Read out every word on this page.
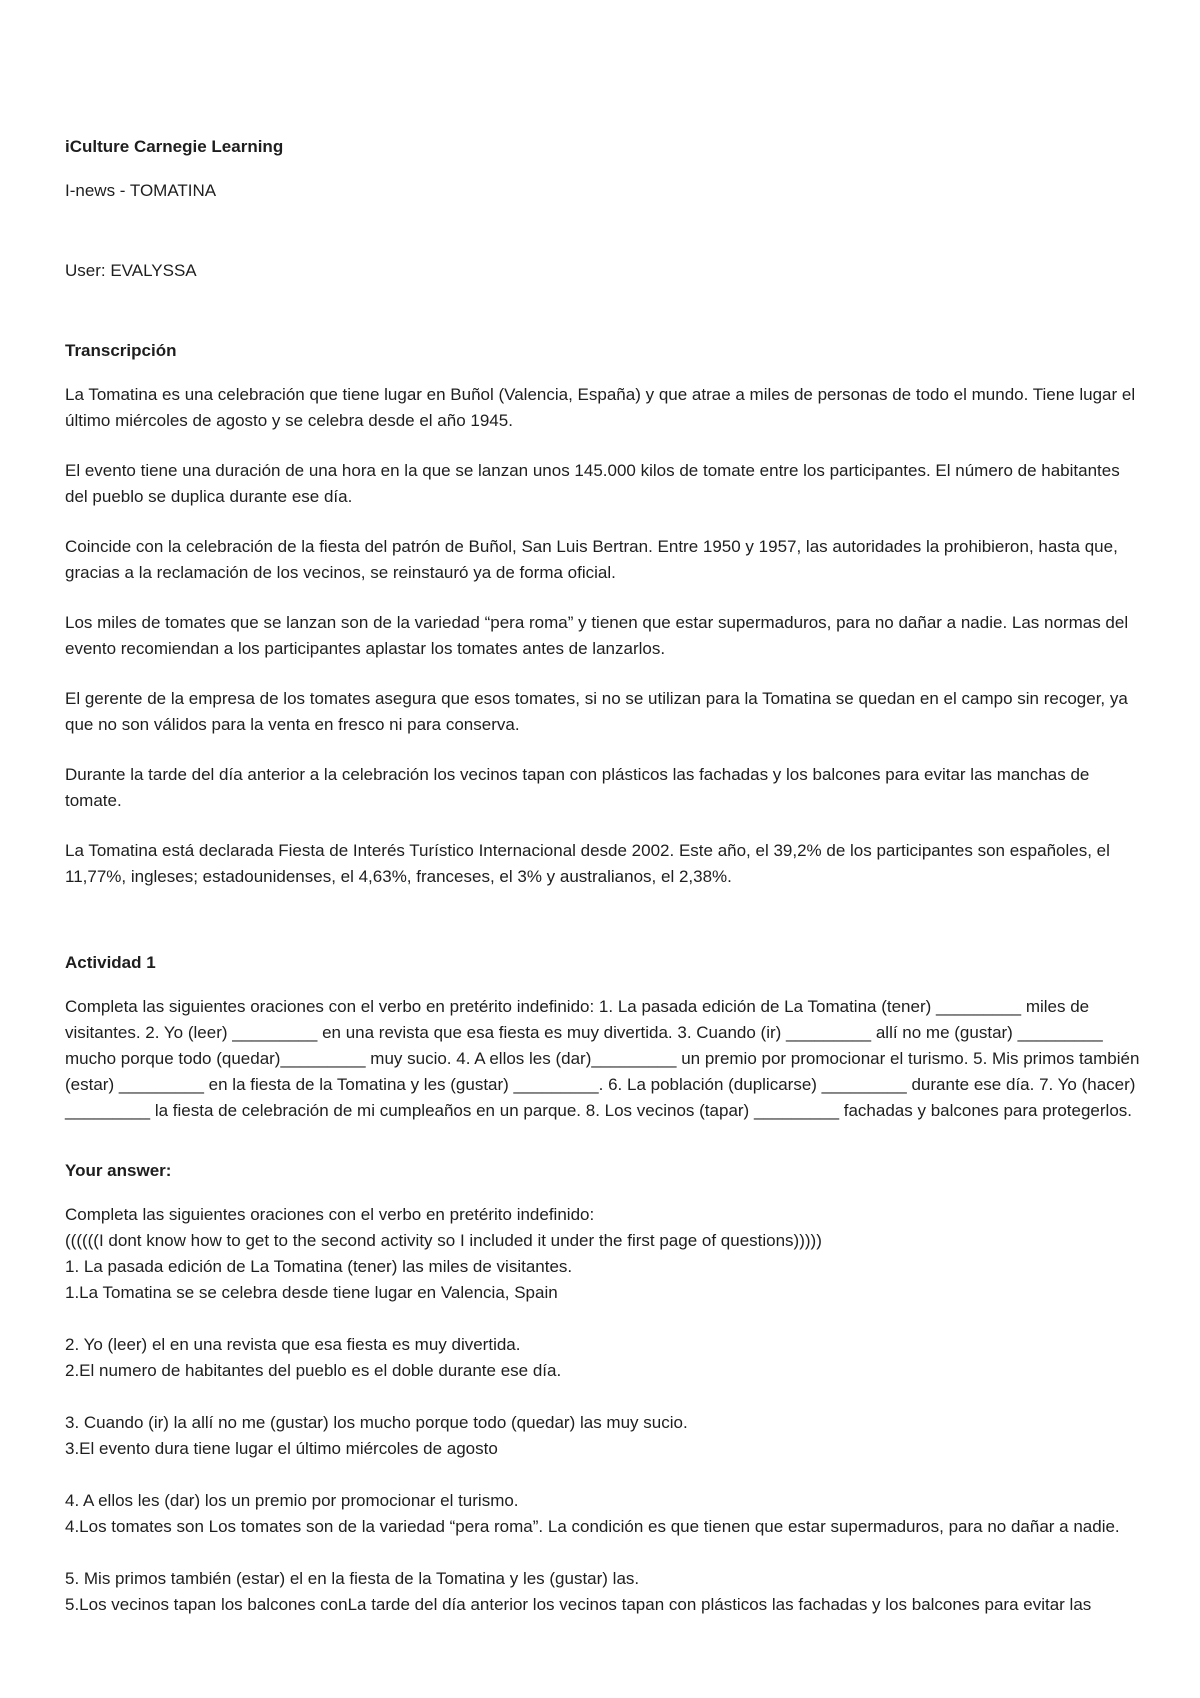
iCulture Carnegie Learning

I-news - TOMATINA

User: EVALYSSA

Transcripción

La Tomatina es una celebración que tiene lugar en Buñol (Valencia, España) y que atrae a miles de personas de todo el mundo. Tiene lugar el último miércoles de agosto y se celebra desde el año 1945.

El evento tiene una duración de una hora en la que se lanzan unos 145.000 kilos de tomate entre los participantes. El número de habitantes del pueblo se duplica durante ese día.

Coincide con la celebración de la fiesta del patrón de Buñol, San Luis Bertran. Entre 1950 y 1957, las autoridades la prohibieron, hasta que, gracias a la reclamación de los vecinos, se reinstauró ya de forma oficial.

Los miles de tomates que se lanzan son de la variedad “pera roma” y tienen que estar supermaduros, para no dañar a nadie. Las normas del evento recomiendan a los participantes aplastar los tomates antes de lanzarlos.

El gerente de la empresa de los tomates asegura que esos tomates, si no se utilizan para la Tomatina se quedan en el campo sin recoger, ya que no son válidos para la venta en fresco ni para conserva.

Durante la tarde del día anterior a la celebración los vecinos tapan con plásticos las fachadas y los balcones para evitar las manchas de tomate.

La Tomatina está declarada Fiesta de Interés Turístico Internacional desde 2002. Este año, el 39,2% de los participantes son españoles, el 11,77%, ingleses; estadounidenses, el 4,63%, franceses, el 3% y australianos, el 2,38%.

Actividad 1

Completa las siguientes oraciones con el verbo en pretérito indefinido: 1. La pasada edición de La Tomatina (tener) _________ miles de visitantes. 2. Yo (leer) _________ en una revista que esa fiesta es muy divertida. 3. Cuando (ir) _________ allí no me (gustar) _________ mucho porque todo (quedar)_________ muy sucio. 4. A ellos les (dar)_________ un premio por promocionar el turismo. 5. Mis primos también (estar) _________ en la fiesta de la Tomatina y les (gustar) _________. 6. La población (duplicarse) _________ durante ese día. 7. Yo (hacer) _________ la fiesta de celebración de mi cumpleaños en un parque. 8. Los vecinos (tapar) _________ fachadas y balcones para protegerlos.

Your answer:

Completa las siguientes oraciones con el verbo en pretérito indefinido:

((((((I dont know how to get to the second activity so I included it under the first page of questions)))))

1. La pasada edición de La Tomatina (tener) las miles de visitantes.

1.La Tomatina se se celebra desde tiene lugar en Valencia, Spain

2. Yo (leer) el en una revista que esa fiesta es muy divertida.

2.El numero de habitantes del pueblo es el doble durante ese día.

3. Cuando (ir) la allí no me (gustar) los mucho porque todo (quedar) las muy sucio.

3.El evento dura tiene lugar el último miércoles de agosto

4. A ellos les (dar) los un premio por promocionar el turismo.

4.Los tomates son Los tomates son de la variedad “pera roma”. La condición es que tienen que estar supermaduros, para no dañar a nadie.

5. Mis primos también (estar) el en la fiesta de la Tomatina y les (gustar) las.

5.Los vecinos tapan los balcones conLa tarde del día anterior los vecinos tapan con plásticos las fachadas y los balcones para evitar las
